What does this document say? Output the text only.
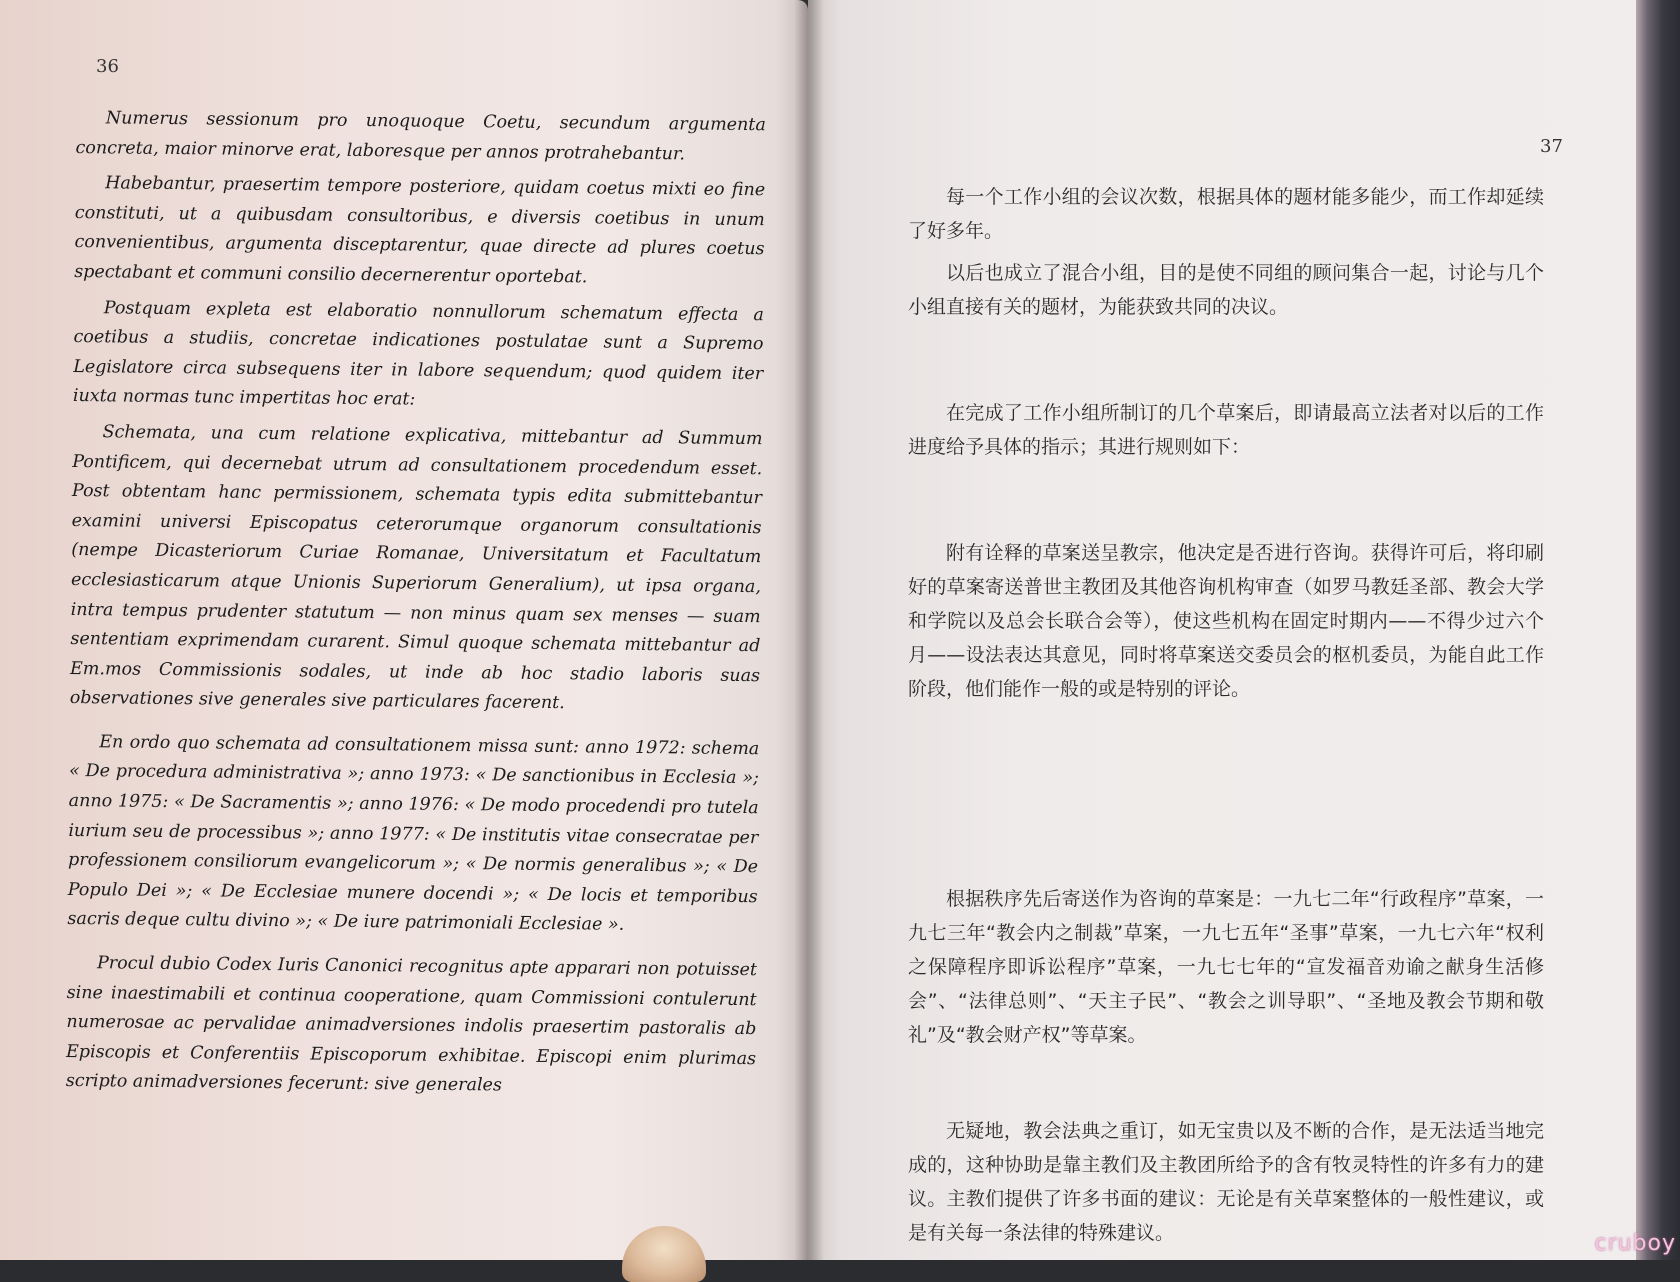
36
37

Numerus sessionum pro unoquoque Coetu, secundum argumenta concreta, maior minorve erat, laboresque per annos protrahebantur.

Habebantur, praesertim tempore posteriore, quidam coetus mixti eo fine constituti, ut a quibusdam consultoribus, e diversis coetibus in unum convenientibus, argumenta disceptarentur, quae directe ad plures coetus spectabant et communi consilio decernerentur oportebat.

Postquam expleta est elaboratio nonnullorum schematum effecta a coetibus a studiis, concretae indicationes postulatae sunt a Supremo Legislatore circa subsequens iter in labore sequendum; quod quidem iter iuxta normas tunc impertitas hoc erat:

Schemata, una cum relatione explicativa, mittebantur ad Summum Pontificem, qui decernebat utrum ad consultationem procedendum esset. Post obtentam hanc permissionem, schemata typis edita submittebantur examini universi Episcopatus ceterorumque organorum consultationis (nempe Dicasteriorum Curiae Romanae, Universitatum et Facultatum ecclesiasticarum atque Unionis Superiorum Generalium), ut ipsa organa, intra tempus prudenter statutum — non minus quam sex menses — suam sententiam exprimendam curarent. Simul quoque schemata mittebantur ad Em.mos Commissionis sodales, ut inde ab hoc stadio laboris suas observationes sive generales sive particulares facerent.

En ordo quo schemata ad consultationem missa sunt: anno 1972: schema « De procedura administrativa »; anno 1973: « De sanctionibus in Ecclesia »; anno 1975: « De Sacramentis »; anno 1976: « De modo procedendi pro tutela iurium seu de processibus »; anno 1977: « De institutis vitae consecratae per professionem consiliorum evangelicorum »; « De normis generalibus »; « De Populo Dei »; « De Ecclesiae munere docendi »; « De locis et temporibus sacris deque cultu divino »; « De iure patrimoniali Ecclesiae ».

Procul dubio Codex Iuris Canonici recognitus apte apparari non potuisset sine inaestimabili et continua cooperatione, quam Commissioni contulerunt numerosae ac pervalidae animadversiones indolis praesertim pastoralis ab Episcopis et Conferentiis Episcoporum exhibitae. Episcopi enim plurimas scripto animadversiones fecerunt: sive generales

每一个工作小组的会议次数，根据具体的题材能多能少，而工作却延续了好多年。

以后也成立了混合小组，目的是使不同组的顾问集合一起，讨论与几个小组直接有关的题材，为能获致共同的决议。

在完成了工作小组所制订的几个草案后，即请最高立法者对以后的工作进度给予具体的指示；其进行规则如下：

附有诠释的草案送呈教宗，他决定是否进行咨询。获得许可后，将印刷好的草案寄送普世主教团及其他咨询机构审查（如罗马教廷圣部、教会大学和学院以及总会长联合会等），使这些机构在固定时期内——不得少过六个月——设法表达其意见，同时将草案送交委员会的枢机委员，为能自此工作阶段，他们能作一般的或是特别的评论。

根据秩序先后寄送作为咨询的草案是：一九七二年“行政程序”草案，一九七三年“教会内之制裁”草案，一九七五年“圣事”草案，一九七六年“权利之保障程序即诉讼程序”草案，一九七七年的“宣发福音劝谕之献身生活修会”、“法律总则”、“天主子民”、“教会之训导职”、“圣地及教会节期和敬礼”及“教会财产权”等草案。

无疑地，教会法典之重订，如无宝贵以及不断的合作，是无法适当地完成的，这种协助是靠主教们及主教团所给予的含有牧灵特性的许多有力的建议。主教们提供了许多书面的建议：无论是有关草案整体的一般性建议，或是有关每一条法律的特殊建议。	cruboy
